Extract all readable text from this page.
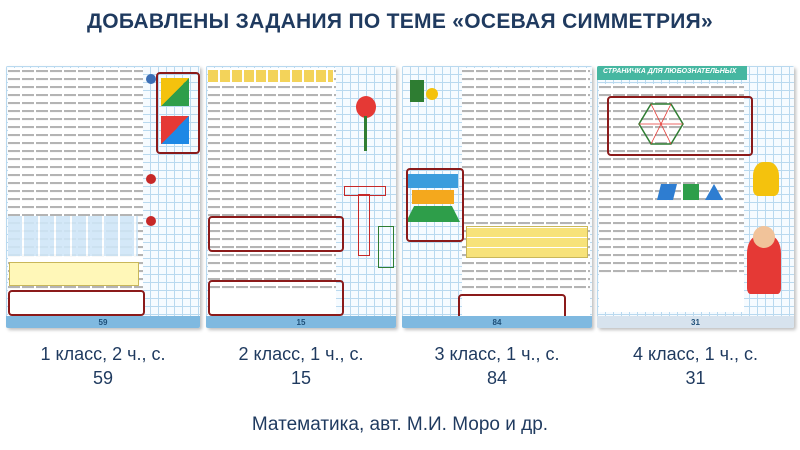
ДОБАВЛЕНЫ ЗАДАНИЯ ПО ТЕМЕ «ОСЕВАЯ СИММЕТРИЯ»
59	15	84
СТРАНИЧКА ДЛЯ ЛЮБОЗНАТЕЛЬНЫХ
31
1 класс, 2 ч., с.
59
2 класс, 1 ч., с.
15
3 класс, 1 ч., с.
84
4 класс, 1 ч., с.
31
Математика, авт. М.И. Моро и др.
